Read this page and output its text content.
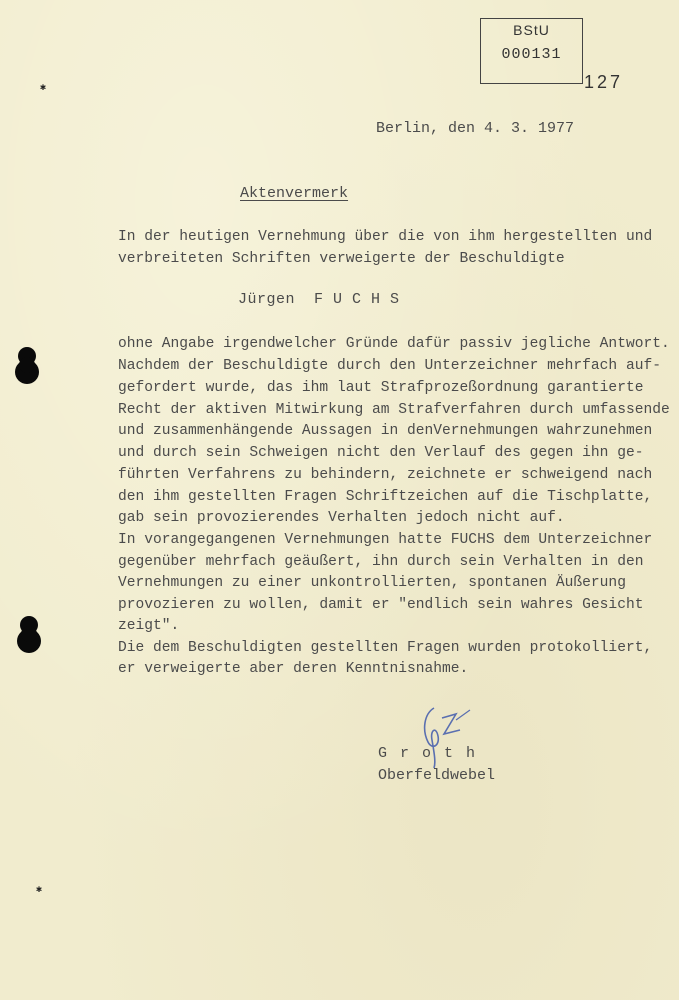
BStU
000131
127
Berlin, den 4. 3. 1977
Aktenvermerk
In der heutigen Vernehmung über die von ihm hergestellten und
verbreiteten Schriften verweigerte der Beschuldigte
Jürgen  F U C H S
ohne Angabe irgendwelcher Gründe dafür passiv jegliche Antwort.
Nachdem der Beschuldigte durch den Unterzeichner mehrfach auf-
gefordert wurde, das ihm laut Strafprozeßordnung garantierte
Recht der aktiven Mitwirkung am Strafverfahren durch umfassende
und zusammenhängende Aussagen in denVernehmungen wahrzunehmen
und durch sein Schweigen nicht den Verlauf des gegen ihn ge-
führten Verfahrens zu behindern, zeichnete er schweigend nach
den ihm gestellten Fragen Schriftzeichen auf die Tischplatte,
gab sein provozierendes Verhalten jedoch nicht auf.
In vorangegangenen Vernehmungen hatte FUCHS dem Unterzeichner
gegenüber mehrfach geäußert, ihn durch sein Verhalten in den
Vernehmungen zu einer unkontrollierten, spontanen Äußerung
provozieren zu wollen, damit er "endlich sein wahres Gesicht
zeigt".
Die dem Beschuldigten gestellten Fragen wurden protokolliert,
er verweigerte aber deren Kenntnisnahme.
G r o t h
Oberfeldwebel
✱
✱
